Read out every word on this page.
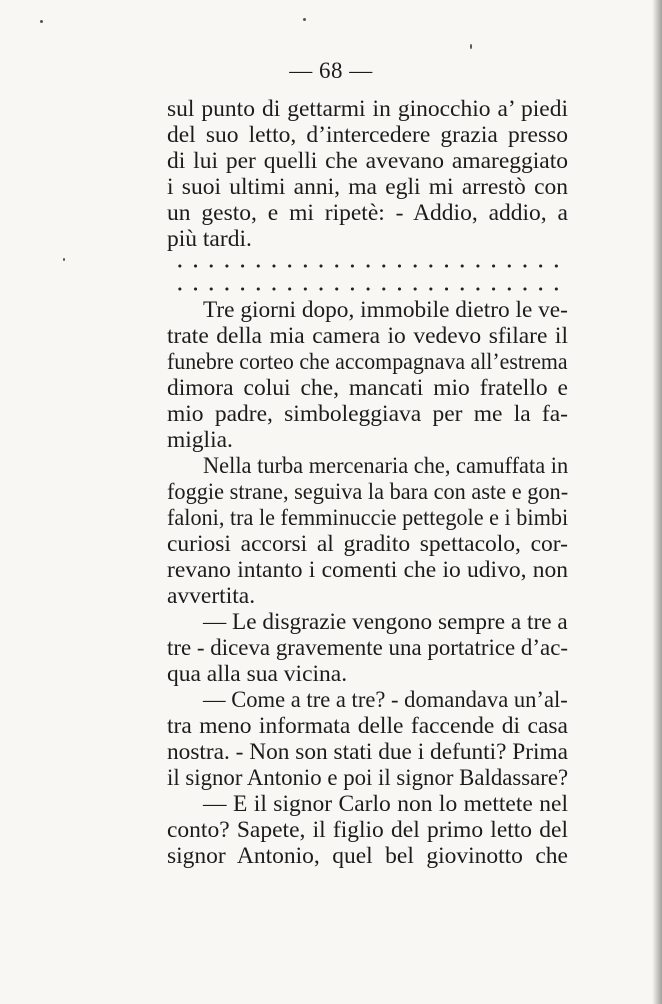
— 68 —
sul punto di gettarmi in ginocchio a’ piedi
del suo letto, d’intercedere grazia presso
di lui per quelli che avevano amareggiato
i suoi ultimi anni, ma egli mi arrestò con
un gesto, e mi ripetè: - Addio, addio, a
più tardi.
Tre giorni dopo, immobile dietro le ve-
trate della mia camera io vedevo sfilare il
funebre corteo che accompagnava all’estrema
dimora colui che, mancati mio fratello e
mio padre, simboleggiava per me la fa-
miglia.
Nella turba mercenaria che, camuffata in
foggie strane, seguiva la bara con aste e gon-
faloni, tra le femminuccie pettegole e i bimbi
curiosi accorsi al gradito spettacolo, cor-
revano intanto i comenti che io udivo, non
avvertita.
— Le disgrazie vengono sempre a tre a
tre - diceva gravemente una portatrice d’ac-
qua alla sua vicina.
— Come a tre a tre? - domandava un’al-
tra meno informata delle faccende di casa
nostra. - Non son stati due i defunti? Prima
il signor Antonio e poi il signor Baldassare?
— E il signor Carlo non lo mettete nel
conto? Sapete, il figlio del primo letto del
signor Antonio, quel bel giovinotto che
